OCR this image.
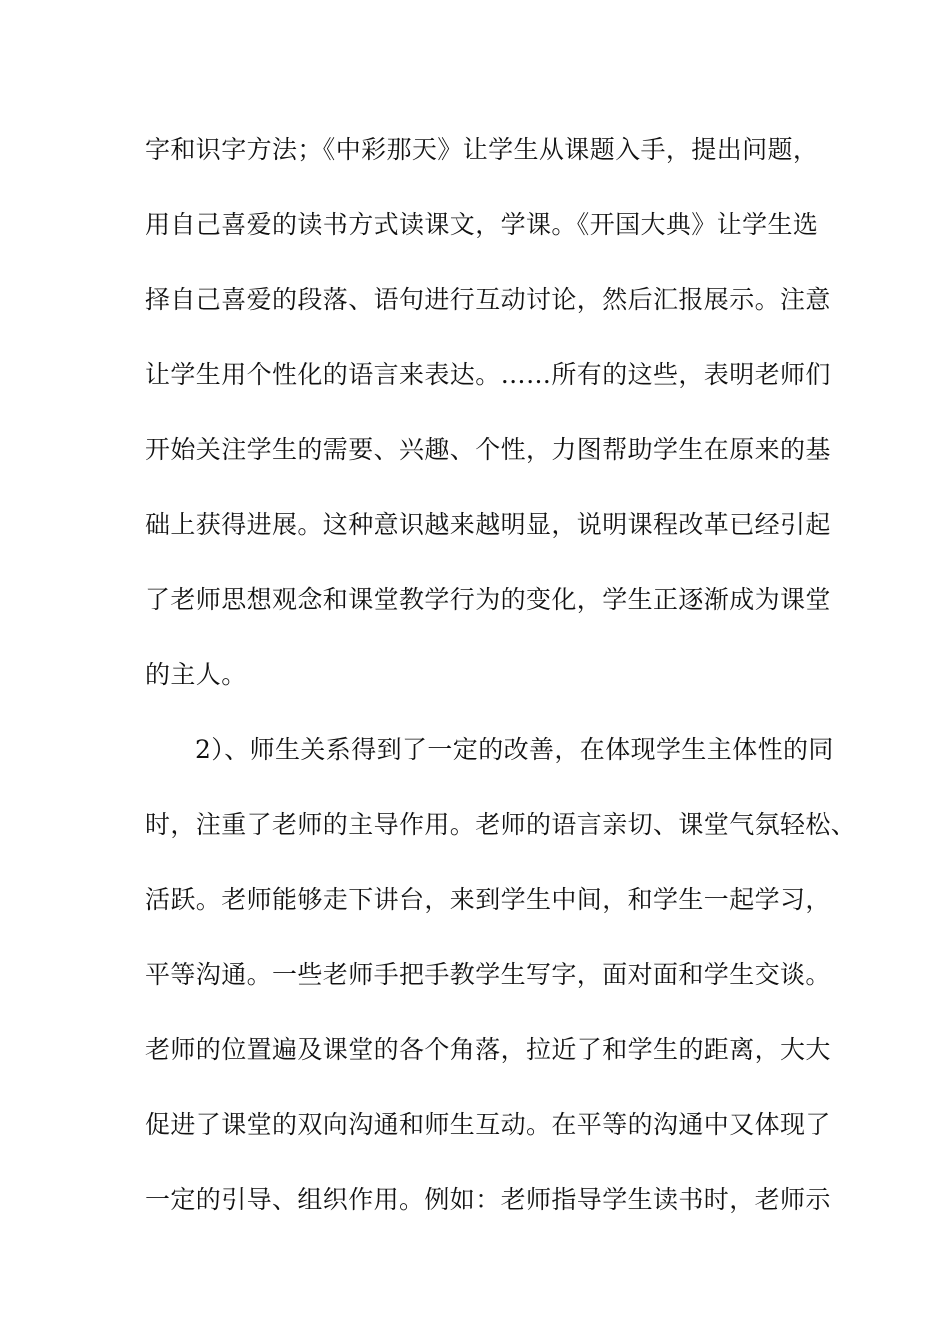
字和识字方法；《中彩那天》让学生从课题入手，提出问题，
用自己喜爱的读书方式读课文，学课。《开国大典》让学生选
择自己喜爱的段落、语句进行互动讨论，然后汇报展示。注意
让学生用个性化的语言来表达。……所有的这些，表明老师们
开始关注学生的需要、兴趣、个性，力图帮助学生在原来的基
础上获得进展。这种意识越来越明显，说明课程改革已经引起
了老师思想观念和课堂教学行为的变化，学生正逐渐成为课堂
的主人。
2）、师生关系得到了一定的改善，在体现学生主体性的同
时，注重了老师的主导作用。老师的语言亲切、课堂气氛轻松、
活跃。老师能够走下讲台，来到学生中间，和学生一起学习，
平等沟通。一些老师手把手教学生写字，面对面和学生交谈。
老师的位置遍及课堂的各个角落，拉近了和学生的距离，大大
促进了课堂的双向沟通和师生互动。在平等的沟通中又体现了
一定的引导、组织作用。例如：老师指导学生读书时，老师示
